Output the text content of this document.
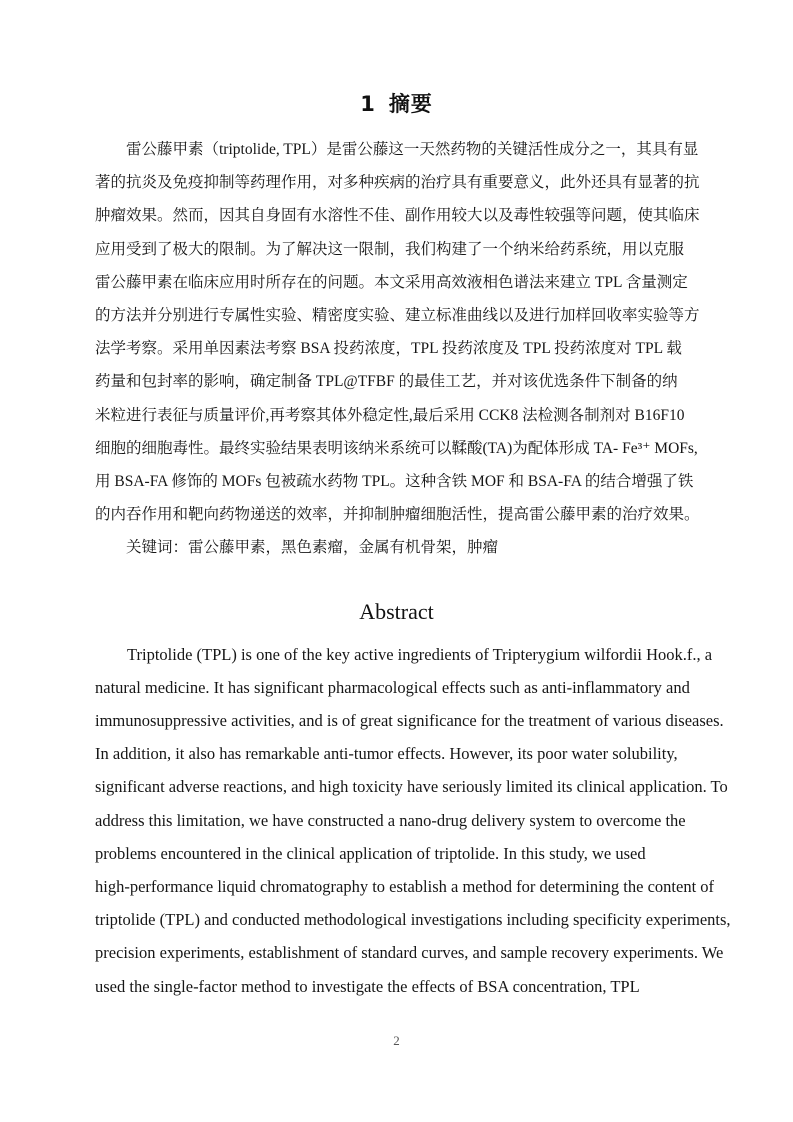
1 摘要
雷公藤甲素（triptolide, TPL）是雷公藤这一天然药物的关键活性成分之一，其具有显
著的抗炎及免疫抑制等药理作用，对多种疾病的治疗具有重要意义，此外还具有显著的抗
肿瘤效果。然而，因其自身固有水溶性不佳、副作用较大以及毒性较强等问题，使其临床
应用受到了极大的限制。为了解决这一限制，我们构建了一个纳米给药系统，用以克服
雷公藤甲素在临床应用时所存在的问题。本文采用高效液相色谱法来建立 TPL 含量测定
的方法并分别进行专属性实验、精密度实验、建立标准曲线以及进行加样回收率实验等方
法学考察。采用单因素法考察 BSA 投药浓度，TPL 投药浓度及 TPL 投药浓度对 TPL 载
药量和包封率的影响，确定制备 TPL@TFBF 的最佳工艺，并对该优选条件下制备的纳
米粒进行表征与质量评价,再考察其体外稳定性,最后采用 CCK8 法检测各制剂对 B16F10
细胞的细胞毒性。最终实验结果表明该纳米系统可以鞣酸(TA)为配体形成 TA- Fe³⁺ MOFs,
用 BSA-FA 修饰的 MOFs 包被疏水药物 TPL。这种含铁 MOF 和 BSA-FA 的结合增强了铁
的内吞作用和靶向药物递送的效率，并抑制肿瘤细胞活性，提高雷公藤甲素的治疗效果。
关键词：雷公藤甲素，黑色素瘤，金属有机骨架，肿瘤
Abstract
Triptolide (TPL) is one of the key active ingredients of Tripterygium wilfordii Hook.f., a
natural medicine. It has significant pharmacological effects such as anti-inflammatory and
immunosuppressive activities, and is of great significance for the treatment of various diseases.
In addition, it also has remarkable anti-tumor effects. However, its poor water solubility,
significant adverse reactions, and high toxicity have seriously limited its clinical application. To
address this limitation, we have constructed a nano-drug delivery system to overcome the
problems encountered in the clinical application of triptolide. In this study, we used
high-performance liquid chromatography to establish a method for determining the content of
triptolide (TPL) and conducted methodological investigations including specificity experiments,
precision experiments, establishment of standard curves, and sample recovery experiments. We
used the single-factor method to investigate the effects of BSA concentration, TPL
2
